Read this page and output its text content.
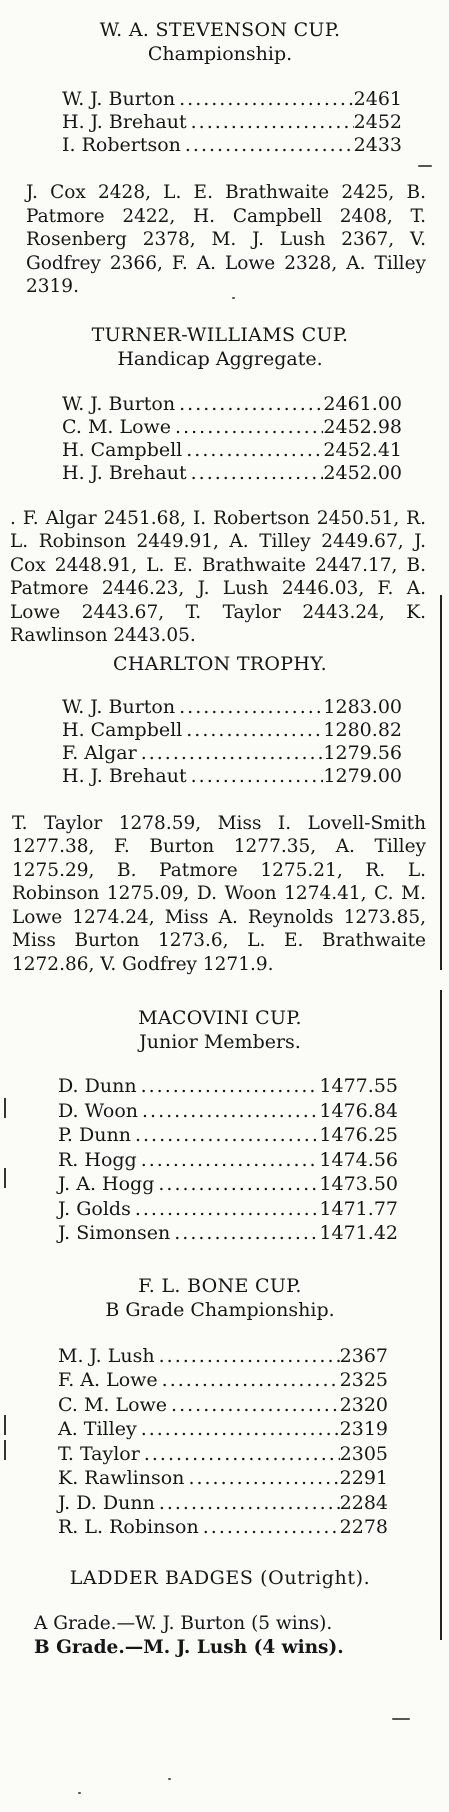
W. A. STEVENSON CUP.
Championship.
W. J. Burton .....	2461
H. J. Brehaut .....	2452
I. Robertson .....	2433

J. Cox 2428, L. E. Brathwaite 2425, B. Patmore 2422, H. Campbell 2408, T. Rosenberg 2378, M. J. Lush 2367, V. Godfrey 2366, F. A. Lowe 2328, A. Tilley 2319.

TURNER-WILLIAMS CUP.
Handicap Aggregate.
W. J. Burton .....	2461.00
C. M. Lowe .....	2452.98
H. Campbell .....	2452.41
H. J. Brehaut .....	2452.00

. F. Algar 2451.68, I. Robertson 2450.51, R. L. Robinson 2449.91, A. Tilley 2449.67, J. Cox 2448.91, L. E. Brathwaite 2447.17, B. Patmore 2446.23, J. Lush 2446.03, F. A. Lowe 2443.67, T. Taylor 2443.24, K. Rawlinson 2443.05.

CHARLTON TROPHY.
W. J. Burton .....	1283.00
H. Campbell .....	1280.82
F. Algar .....	1279.56
H. J. Brehaut .....	1279.00

T. Taylor 1278.59, Miss I. Lovell-Smith 1277.38, F. Burton 1277.35, A. Tilley 1275.29, B. Patmore 1275.21, R. L. Robinson 1275.09, D. Woon 1274.41, C. M. Lowe 1274.24, Miss A. Reynolds 1273.85, Miss Burton 1273.6, L. E. Brathwaite 1272.86, V. Godfrey 1271.9.

MACOVINI CUP.
Junior Members.
D. Dunn .....	1477.55
D. Woon .....	1476.84
P. Dunn .....	1476.25
R. Hogg .....	1474.56
J. A. Hogg .....	1473.50
J. Golds .....	1471.77
J. Simonsen .....	1471.42
F. L. BONE CUP.
B Grade Championship.
M. J. Lush .....	2367
F. A. Lowe .....	2325
C. M. Lowe .....	2320
A. Tilley .....	2319
T. Taylor .....	2305
K. Rawlinson .....	2291
J. D. Dunn .....	2284
R. L. Robinson .....	2278
LADDER BADGES (Outright).
A Grade.—W. J. Burton (5 wins).
B Grade.—M. J. Lush (4 wins).
